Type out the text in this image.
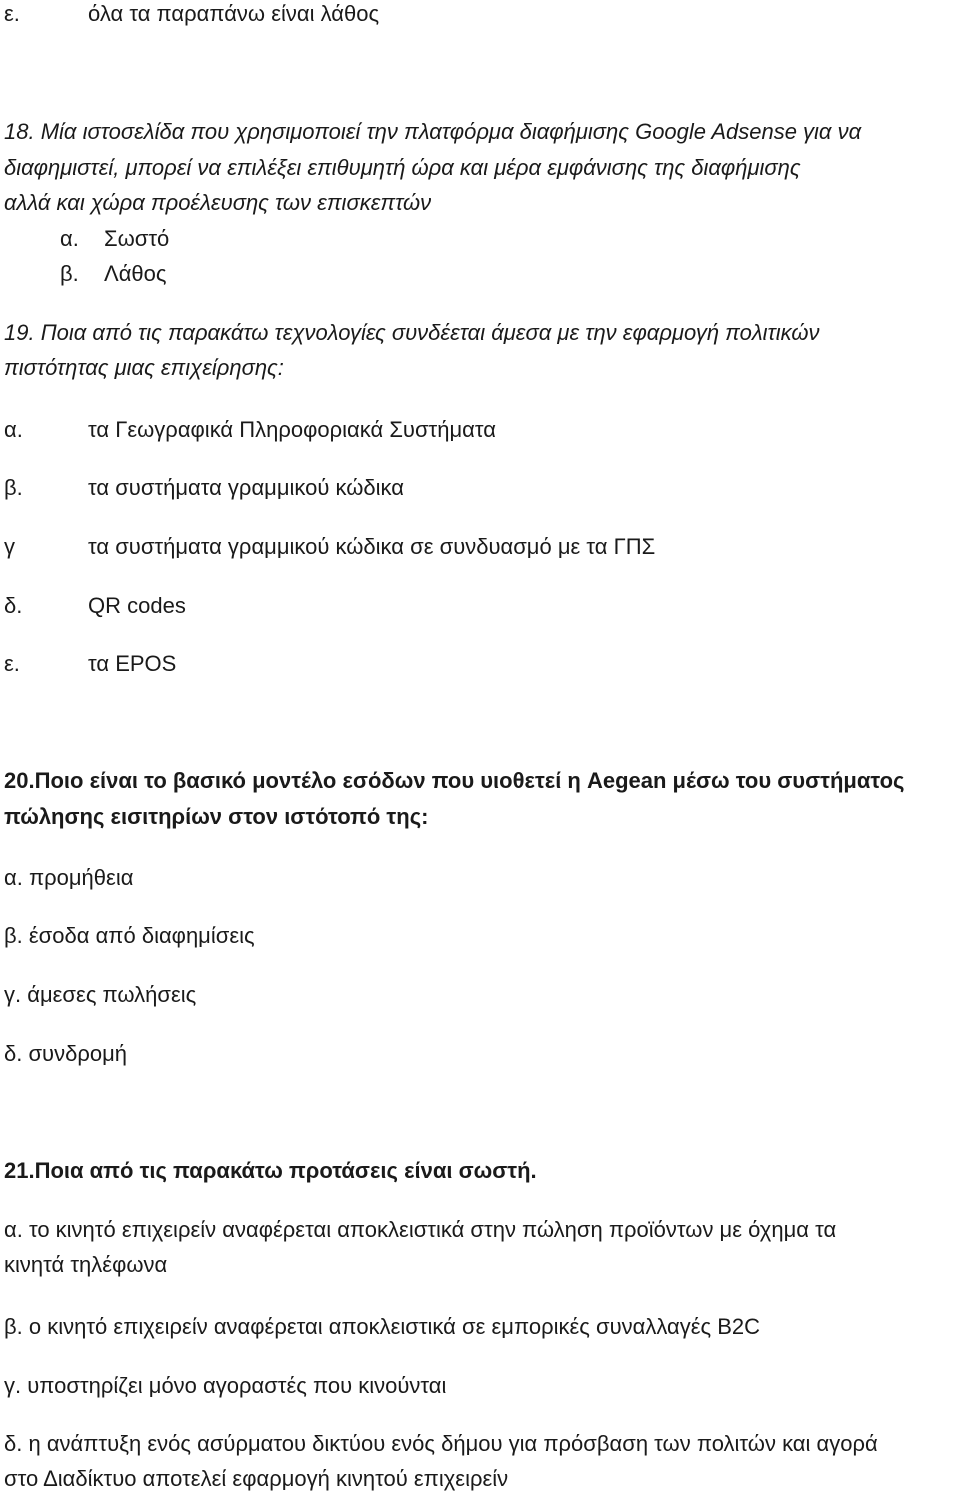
ε.	όλα τα παραπάνω είναι λάθος
18. Μία ιστοσελίδα που χρησιμοποιεί την πλατφόρμα διαφήμισης Google Adsense για να
διαφημιστεί, μπορεί να επιλέξει επιθυμητή ώρα και μέρα εμφάνισης της διαφήμισης
αλλά και χώρα προέλευσης των επισκεπτών
α. Σωστό
β. Λάθος
19. Ποια από τις παρακάτω τεχνολογίες συνδέεται άμεσα με την εφαρμογή πολιτικών
πιστότητας μιας επιχείρησης:
α.	τα Γεωγραφικά Πληροφοριακά Συστήματα
β.	τα συστήματα γραμμικού κώδικα
γ	τα συστήματα γραμμικού κώδικα σε συνδυασμό με τα ΓΠΣ
δ.	QR codes
ε.	τα EPOS
20.Ποιο είναι το βασικό μοντέλο εσόδων που υιοθετεί η Aegean μέσω του συστήματος
πώλησης εισιτηρίων στον ιστότοπό της:
α. προμήθεια
β. έσοδα από διαφημίσεις
γ. άμεσες πωλήσεις
δ. συνδρομή
21.Ποια από τις παρακάτω προτάσεις είναι σωστή.
α. το κινητό επιχειρείν αναφέρεται αποκλειστικά στην πώληση προϊόντων με όχημα τα
κινητά τηλέφωνα
β. ο κινητό επιχειρείν αναφέρεται αποκλειστικά σε εμπορικές συναλλαγές B2C
γ. υποστηρίζει μόνο αγοραστές που κινούνται
δ. η ανάπτυξη ενός ασύρματου δικτύου ενός δήμου για πρόσβαση των πολιτών και αγορά
στο Διαδίκτυο αποτελεί εφαρμογή κινητού επιχειρείν
